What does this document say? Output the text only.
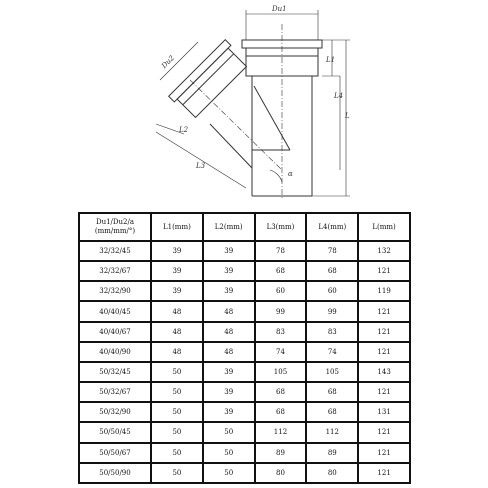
Du1
Du2	L1
L4
L
L2
L3
α
Du1/Du2/a
(mm/mm/°)	L1(mm)	L2(mm)	L3(mm)	L4(mm)	L(mm)
32/32/45	39	39	78	78	132
32/32/67	39	39	68	68	121
32/32/90	39	39	60	60	119
40/40/45	48	48	99	99	121
40/40/67	48	48	83	83	121
40/40/90	48	48	74	74	121
50/32/45	50	39	105	105	143
50/32/67	50	39	68	68	121
50/32/90	50	39	68	68	131
50/50/45	50	50	112	112	121
50/50/67	50	50	89	89	121
50/50/90	50	50	80	80	121
